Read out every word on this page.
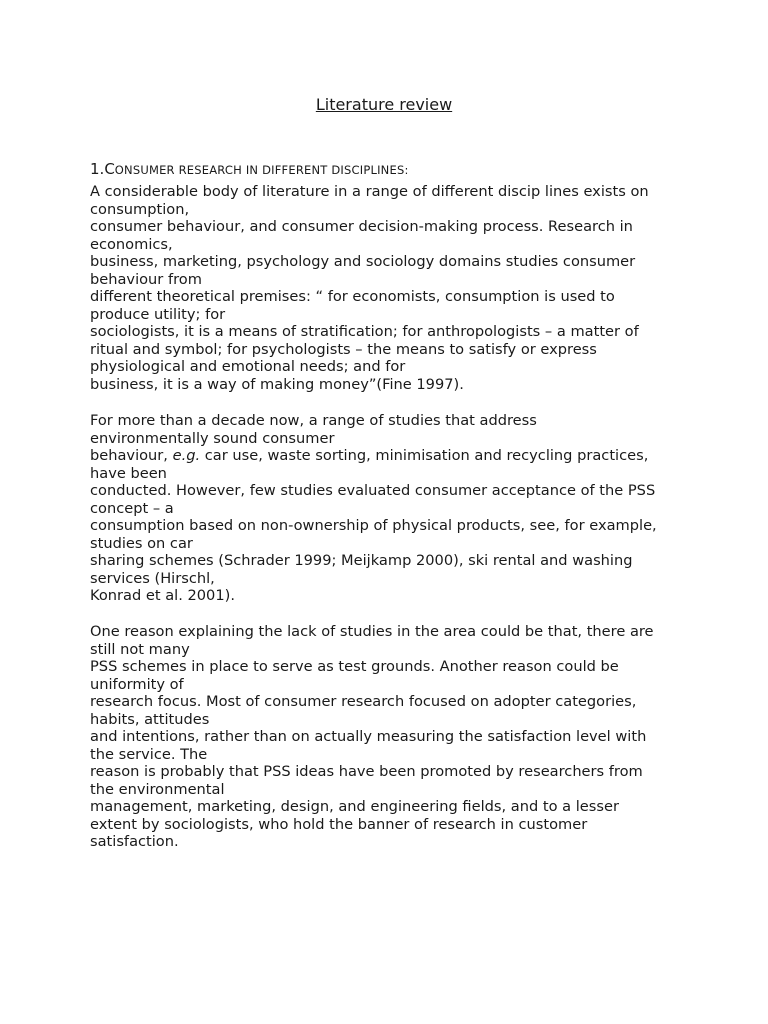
Literature review
1.CONSUMER RESEARCH IN DIFFERENT DISCIPLINES:

A considerable body of literature in a range of different discip lines exists on
consumption,
consumer behaviour, and consumer decision-making process. Research in
economics,
business, marketing, psychology and sociology domains studies consumer
behaviour from
different theoretical premises: “ for economists, consumption is used to
produce utility; for
sociologists, it is a means of stratification; for anthropologists – a matter of
ritual and symbol; for psychologists – the means to satisfy or express
physiological and emotional needs; and for
business, it is a way of making money”(Fine 1997).

For more than a decade now, a range of studies that address
environmentally sound consumer
behaviour, e.g. car use, waste sorting, minimisation and recycling practices,
have been
conducted. However, few studies evaluated consumer acceptance of the PSS
concept – a
consumption based on non-ownership of physical products, see, for example,
studies on car
sharing schemes (Schrader 1999; Meijkamp 2000), ski rental and washing
services (Hirschl,
Konrad et al. 2001).

One reason explaining the lack of studies in the area could be that, there are
still not many
PSS schemes in place to serve as test grounds. Another reason could be
uniformity of
research focus. Most of consumer research focused on adopter categories,
habits, attitudes
and intentions, rather than on actually measuring the satisfaction level with
the service. The
reason is probably that PSS ideas have been promoted by researchers from
the environmental
management, marketing, design, and engineering fields, and to a lesser
extent by sociologists, who hold the banner of research in customer
satisfaction.
